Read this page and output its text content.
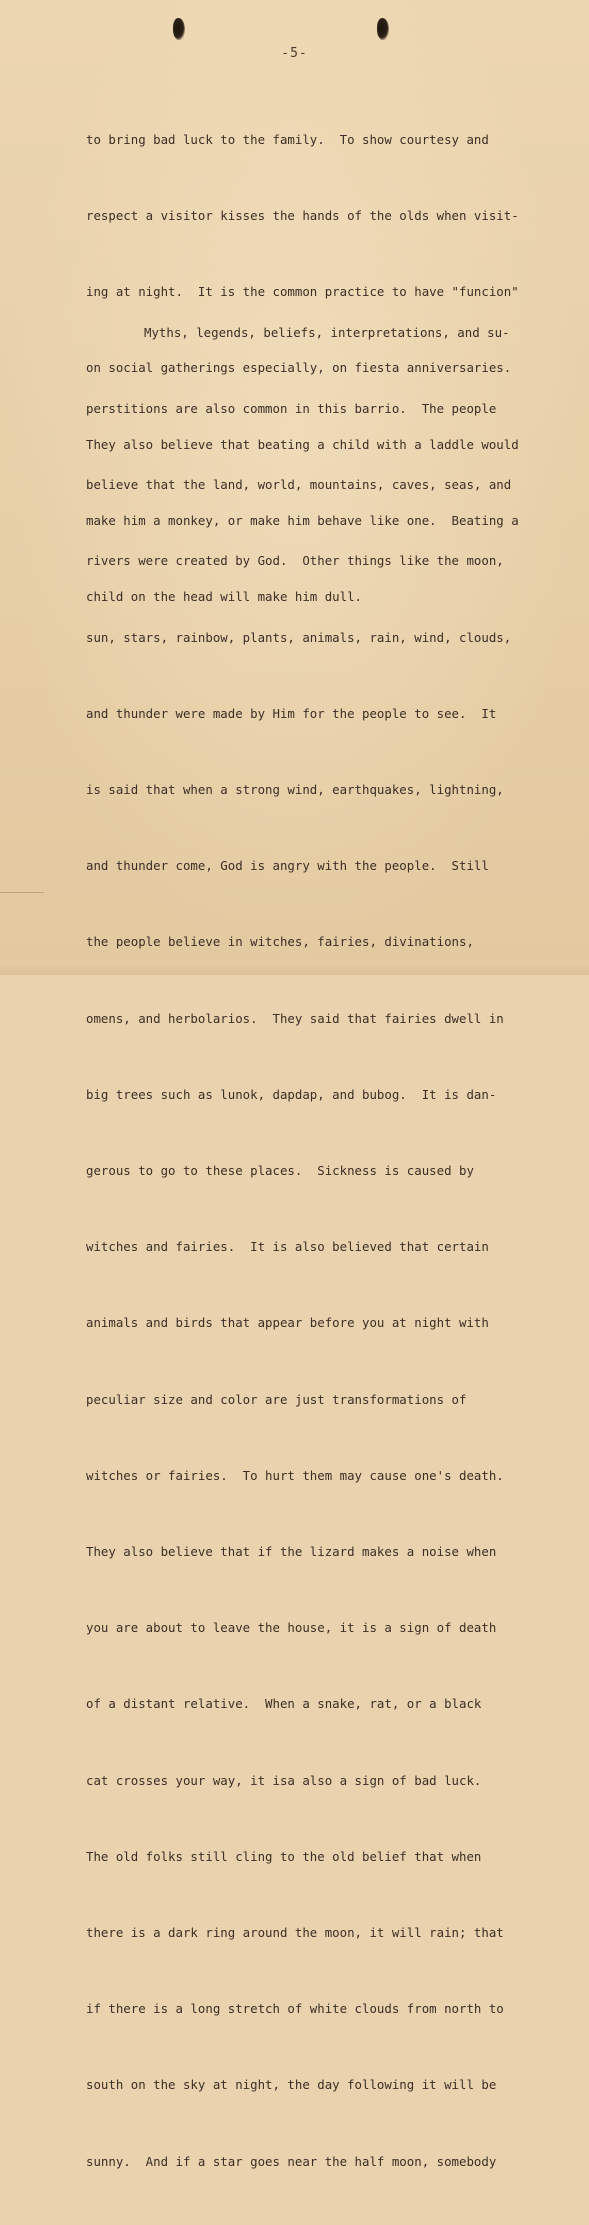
-5-

to bring bad luck to the family.  To show courtesy and

respect a visitor kisses the hands of the olds when visit-

ing at night.  It is the common practice to have "funcion"

on social gatherings especially, on fiesta anniversaries.

They also believe that beating a child with a laddle would

make him a monkey, or make him behave like one.  Beating a

child on the head will make him dull.

Myths, legends, beliefs, interpretations, and su-

perstitions are also common in this barrio.  The people

believe that the land, world, mountains, caves, seas, and

rivers were created by God.  Other things like the moon,

sun, stars, rainbow, plants, animals, rain, wind, clouds,

and thunder were made by Him for the people to see.  It

is said that when a strong wind, earthquakes, lightning,

and thunder come, God is angry with the people.  Still

the people believe in witches, fairies, divinations,

omens, and herbolarios.  They said that fairies dwell in

big trees such as lunok, dapdap, and bubog.  It is dan-

gerous to go to these places.  Sickness is caused by

witches and fairies.  It is also believed that certain

animals and birds that appear before you at night with

peculiar size and color are just transformations of

witches or fairies.  To hurt them may cause one's death.

They also believe that if the lizard makes a noise when

you are about to leave the house, it is a sign of death

of a distant relative.  When a snake, rat, or a black

cat crosses your way, it isa also a sign of bad luck.

The old folks still cling to the old belief that when

there is a dark ring around the moon, it will rain; that

if there is a long stretch of white clouds from north to

south on the sky at night, the day following it will be

sunny.  And if a star goes near the half moon, somebody
